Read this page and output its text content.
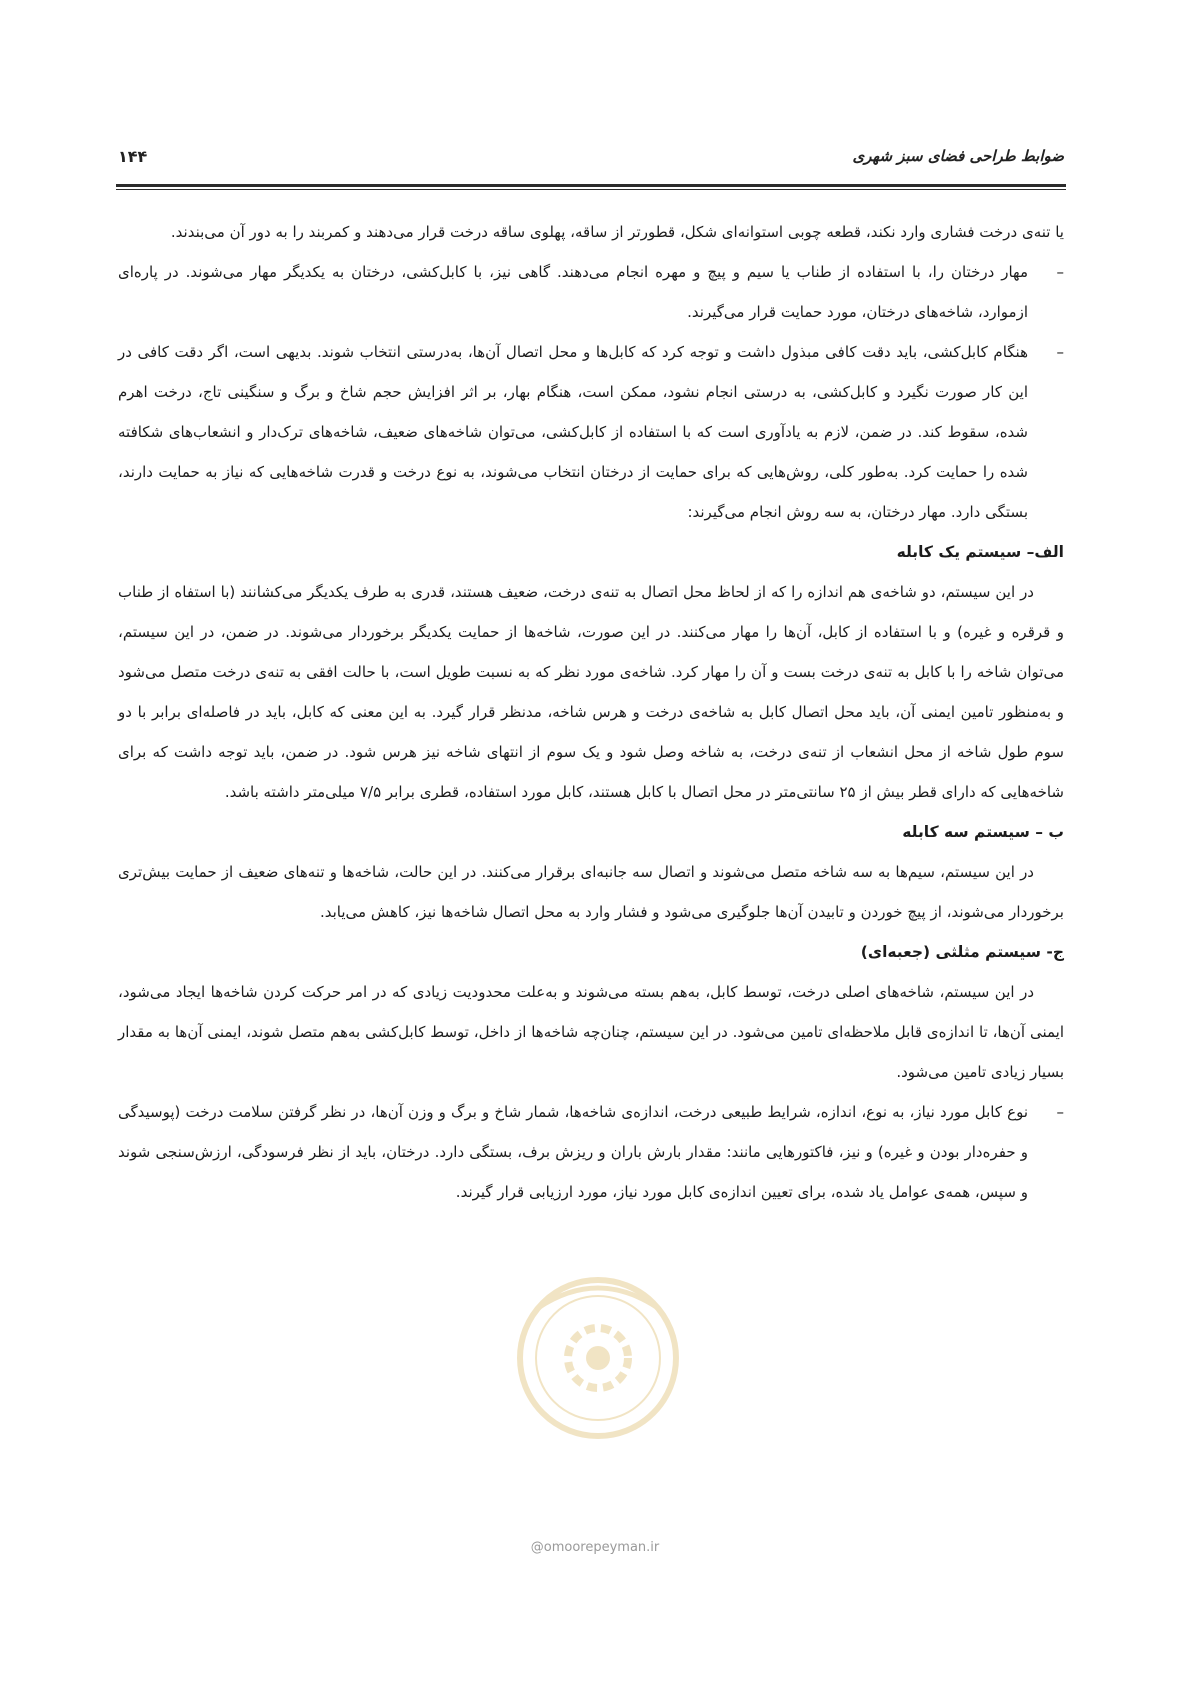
۱۴۴	ضوابط طراحی فضای سبز شهری

یا تنه‌ی درخت فشاری وارد نکند، قطعه چوبی استوانه‌ای شکل، قطورتر از ساقه، پهلوی ساقه درخت قرار می‌دهند و کمربند را به دور آن می‌بندند.

–
مهار درختان را، با استفاده از طناب یا سیم و پیچ و مهره انجام می‌دهند. گاهی نیز، با کابل‌کشی، درختان به یکدیگر مهار می‌شوند. در پاره‌ای ازموارد، شاخه‌های درختان، مورد حمایت قرار می‌گیرند.
–
هنگام کابل‌کشی، باید دقت کافی مبذول داشت و توجه کرد که کابل‌ها و محل اتصال آن‌ها، به‌درستی انتخاب شوند. بدیهی است، اگر دقت کافی در این کار صورت نگیرد و کابل‌کشی، به درستی انجام نشود، ممکن است، هنگام بهار، بر اثر افزایش حجم شاخ و برگ و سنگینی تاج، درخت اهرم شده، سقوط کند. در ضمن، لازم به یادآوری است که با استفاده از کابل‌کشی، می‌توان شاخه‌های ضعیف، شاخه‌های ترک‌دار و انشعاب‌های شکافته شده را حمایت کرد. به‌طور کلی، روش‌هایی که برای حمایت از درختان انتخاب می‌شوند، به نوع درخت و قدرت شاخه‌هایی که نیاز به حمایت دارند، بستگی دارد. مهار درختان، به سه روش انجام می‌گیرند:

الف– سیستم یک کابله

در این سیستم، دو شاخه‌ی هم اندازه را که از لحاظ محل اتصال به تنه‌ی درخت، ضعیف هستند، قدری به طرف یکدیگر می‌کشانند (با استفاه از طناب و قرقره و غیره) و با استفاده از کابل، آن‌ها را مهار می‌کنند. در این صورت، شاخه‌ها از حمایت یکدیگر برخوردار می‌شوند. در ضمن، در این سیستم، می‌توان شاخه را با کابل به تنه‌ی درخت بست و آن را مهار کرد. شاخه‌ی مورد نظر که به نسبت طویل است، با حالت افقی به تنه‌ی درخت متصل می‌شود و به‌منظور تامین ایمنی آن، باید محل اتصال کابل به شاخه‌ی درخت و هرس شاخه، مدنظر قرار گیرد. به این معنی که کابل، باید در فاصله‌ای برابر با دو سوم طول شاخه از محل انشعاب از تنه‌ی درخت، به شاخه وصل شود و یک سوم از انتهای شاخه نیز هرس شود. در ضمن، باید توجه داشت که برای شاخه‌هایی که دارای قطر بیش از ۲۵ سانتی‌متر در محل اتصال با کابل هستند، کابل مورد استفاده، قطری برابر ۷/۵ میلی‌متر داشته باشد.

ب – سیستم سه کابله

در این سیستم، سیم‌ها به سه شاخه متصل می‌شوند و اتصال سه جانبه‌ای برقرار می‌کنند. در این حالت، شاخه‌ها و تنه‌های ضعیف از حمایت بیش‌تری برخوردار می‌شوند، از پیچ خوردن و تابیدن آن‌ها جلوگیری می‌شود و فشار وارد به محل اتصال شاخه‌ها نیز، کاهش می‌یابد.

ج- سیستم مثلثی (جعبه‌ای)

در این سیستم، شاخه‌های اصلی درخت، توسط کابل، به‌هم بسته می‌شوند و به‌علت محدودیت زیادی که در امر حرکت کردن شاخه‌ها ایجاد می‌شود، ایمنی آن‌ها، تا اندازه‌ی قابل ملاحظه‌ای تامین می‌شود. در این سیستم، چنان‌چه شاخه‌ها از داخل، توسط کابل‌کشی به‌هم متصل شوند، ایمنی آن‌ها به مقدار بسیار زیادی تامین می‌شود.

–
نوع کابل مورد نیاز، به نوع، اندازه، شرایط طبیعی درخت، اندازه‌ی شاخه‌ها، شمار شاخ و برگ و وزن آن‌ها، در نظر گرفتن سلامت درخت (پوسیدگی و حفره‌دار بودن و غیره) و نیز، فاکتورهایی مانند: مقدار بارش باران و ریزش برف، بستگی دارد. درختان، باید از نظر فرسودگی، ارزش‌سنجی شوند و سپس، همه‌ی عوامل یاد شده، برای تعیین اندازه‌ی کابل مورد نیاز، مورد ارزیابی قرار گیرند.
@omoorepeyman.ir
